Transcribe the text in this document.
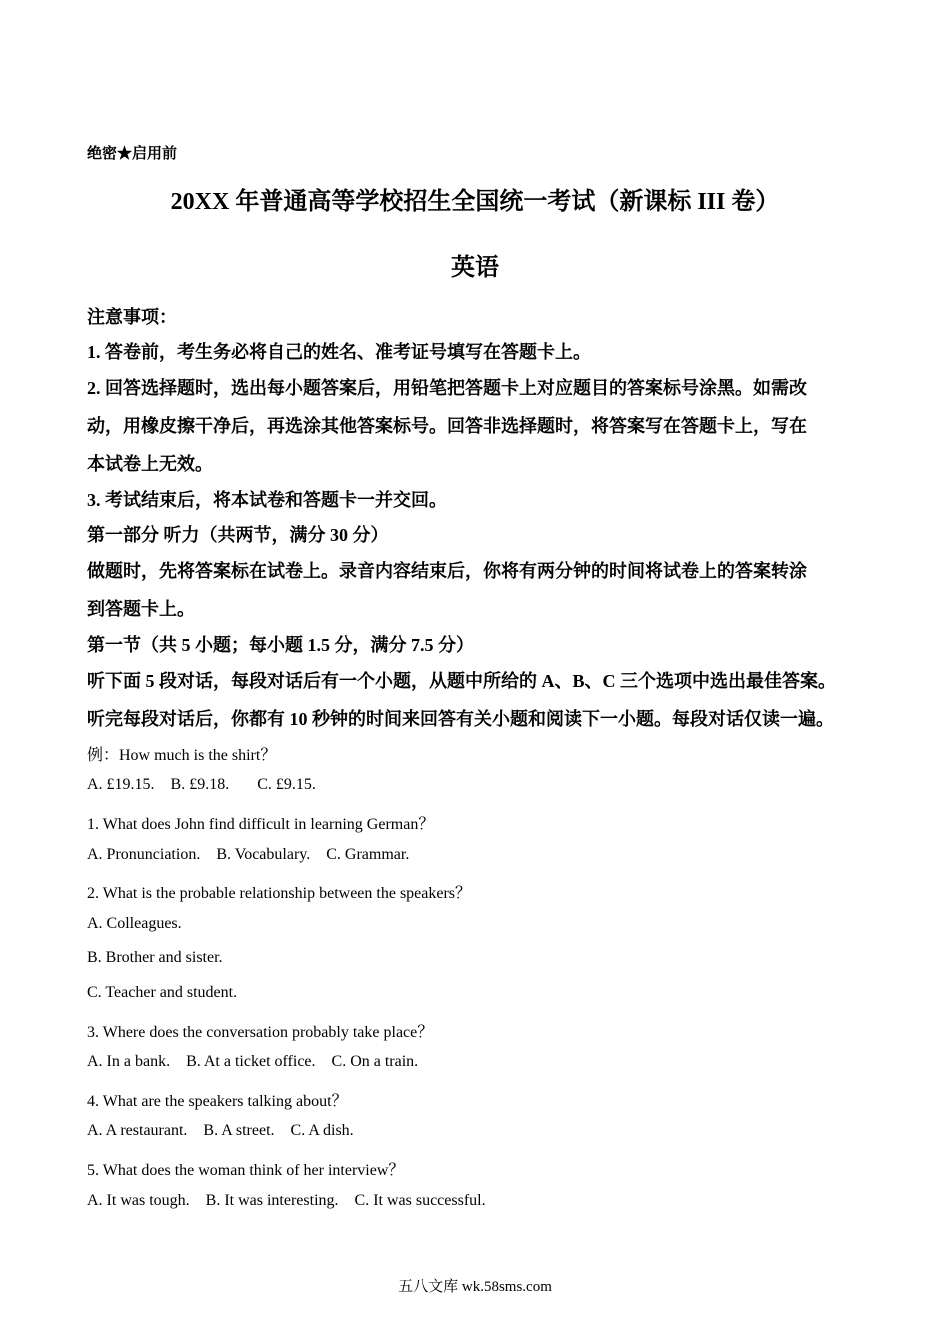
绝密★启用前
20XX 年普通高等学校招生全国统一考试（新课标 III 卷）
英语
注意事项：
1. 答卷前，考生务必将自己的姓名、准考证号填写在答题卡上。
2. 回答选择题时，选出每小题答案后，用铅笔把答题卡上对应题目的答案标号涂黑。如需改
动，用橡皮擦干净后，再选涂其他答案标号。回答非选择题时，将答案写在答题卡上，写在
本试卷上无效。
3. 考试结束后，将本试卷和答题卡一并交回。
第一部分 听力（共两节，满分 30 分）
做题时，先将答案标在试卷上。录音内容结束后，你将有两分钟的时间将试卷上的答案转涂
到答题卡上。
第一节（共 5 小题；每小题 1.5 分，满分 7.5 分）
听下面 5 段对话，每段对话后有一个小题，从题中所给的 A、B、C 三个选项中选出最佳答案。
听完每段对话后，你都有 10 秒钟的时间来回答有关小题和阅读下一小题。每段对话仅读一遍。
例：How much is the shirt？
A. £19.15.    B. £9.18.       C. £9.15.
1. What does John find difficult in learning German？
A. Pronunciation.    B. Vocabulary.    C. Grammar.
2. What is the probable relationship between the speakers？
A. Colleagues.
B. Brother and sister.
C. Teacher and student.
3. Where does the conversation probably take place？
A. In a bank.    B. At a ticket office.    C. On a train.
4. What are the speakers talking about？
A. A restaurant.    B. A street.    C. A dish.
5. What does the woman think of her interview？
A. It was tough.    B. It was interesting.    C. It was successful.
五八文库 wk.58sms.com
